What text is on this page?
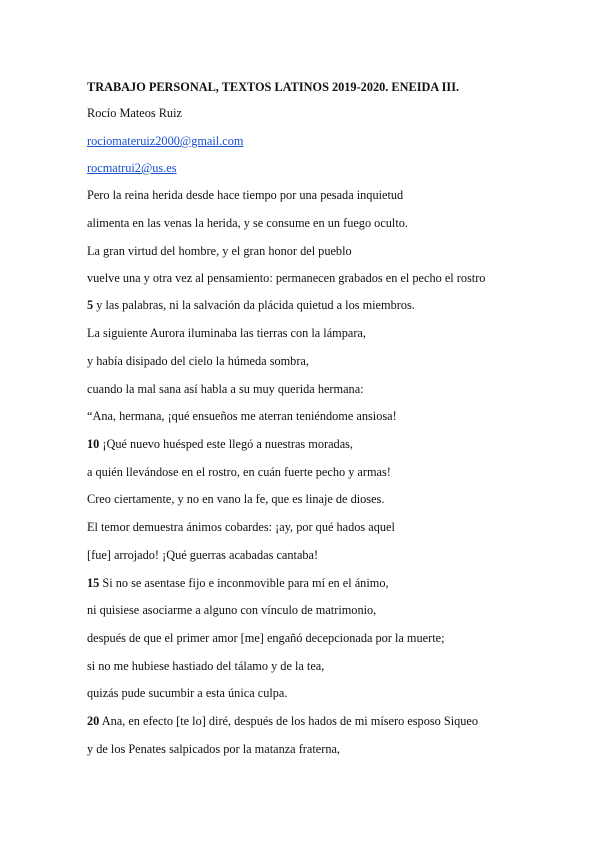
TRABAJO PERSONAL, TEXTOS LATINOS 2019-2020. ENEIDA III.
Rocío Mateos Ruiz
rociomateruiz2000@gmail.com
rocmatrui2@us.es
Pero la reina herida desde hace tiempo por una pesada inquietud
alimenta en las venas la herida, y se consume en un fuego oculto.
La gran virtud del hombre, y el gran honor del pueblo
vuelve una y otra vez al pensamiento: permanecen grabados en el pecho el rostro
5 y las palabras, ni la salvación da plácida quietud a los miembros.
La siguiente Aurora iluminaba las tierras con la lámpara,
y había disipado del cielo la húmeda sombra,
cuando la mal sana así habla a su muy querida hermana:
“Ana, hermana, ¡qué ensueños me aterran teniéndome ansiosa!
10 ¡Qué nuevo huésped este llegó a nuestras moradas,
a quién llevándose en el rostro, en cuán fuerte pecho y armas!
Creo ciertamente, y no en vano la fe, que es linaje de dioses.
El temor demuestra ánimos cobardes: ¡ay, por qué hados aquel
[fue] arrojado! ¡Qué guerras acabadas cantaba!
15 Si no se asentase fijo e inconmovible para mí en el ánimo,
ni quisiese asociarme a alguno con vínculo de matrimonio,
después de que el primer amor [me] engañó decepcionada por la muerte;
si no me hubiese hastiado del tálamo y de la tea,
quizás pude sucumbir a esta única culpa.
20 Ana, en efecto [te lo] diré, después de los hados de mi mísero esposo Siqueo
y de los Penates salpicados por la matanza fraterna,
